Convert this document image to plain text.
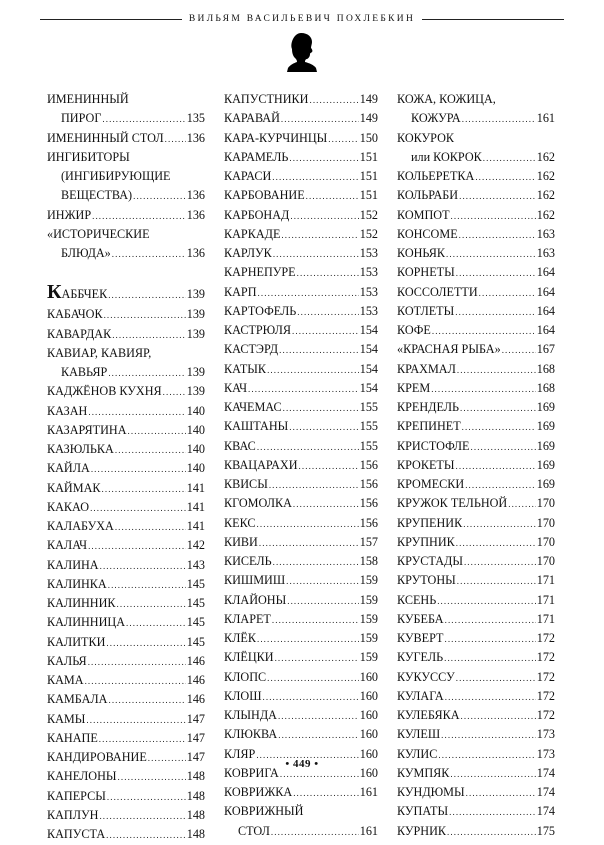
ВИЛЬЯМ ВАСИЛЬЕВИЧ ПОХЛЕБКИН
ИМЕНИННЫЙ
ПИРОГ .....	135
ИМЕНИННЫЙ СТОЛ ..... 136
ИНГИБИТОРЫ
(ИНГИБИРУЮЩИЕ
ВЕЩЕСТВА) .....	136
ИНЖИР .....	136
«ИСТОРИЧЕСКИЕ
БЛЮДА» .....	136
КАББЧЕК .....	139
КАБАЧОК .....	139
КАВАРДАК .....	139
КАВИАР, КАВИЯР,
КАВЬЯР .....	139
КАДЖЁНОВ КУХНЯ ..... 139
КАЗАН .....	140
КАЗАРЯТИНА .....	140
КАЗЮЛЬКА .....	140
КАЙЛА .....	140
КАЙМАК .....	141
КАКАО .....	141
КАЛАБУХА .....	141
КАЛАЧ .....	142
КАЛИНА .....	143
КАЛИНКА .....	145
КАЛИННИК .....	145
КАЛИННИЦА .....	145
КАЛИТКИ .....	145
КАЛЬЯ .....	146
КАМА .....	146
КАМБАЛА .....	146
КАМЫ .....	147
КАНАПЕ .....	147
КАНДИРОВАНИЕ .....	147
КАНЕЛОНЫ .....	148
КАПЕРСЫ .....	148
КАПЛУН .....	148
КАПУСТА .....	148
КАПУСТНИКИ .....	149
КАРАВАЙ .....	149
КАРА-КУРЧИНЦЫ .....	150
КАРАМЕЛЬ .....	151
КАРАСИ .....	151
КАРБОВАНИЕ .....	151
КАРБОНАД .....	152
КАРКАДЕ .....	152
КАРЛУК .....	153
КАРНЕПУРЕ .....	153
КАРП .....	153
КАРТОФЕЛЬ .....	153
КАСТРЮЛЯ .....	154
КАСТЭРД .....	154
КАТЫК .....	154
КАЧ .....	154
КАЧЕМАС .....	155
КАШТАНЫ .....	155
КВАС .....	155
КВАЦАРАХИ .....	156
КВИСЫ .....	156
КГОМОЛКА .....	156
КЕКС .....	156
КИВИ .....	157
КИСЕЛЬ .....	158
КИШМИШ .....	159
КЛАЙОНЫ .....	159
КЛАРЕТ .....	159
КЛЁК .....	159
КЛЁЦКИ .....	159
КЛОПС .....	160
КЛОШ .....	160
КЛЫНДА .....	160
КЛЮКВА .....	160
КЛЯР .....	160
КОВРИГА .....	160
КОВРИЖКА .....	161
КОВРИЖНЫЙ
СТОЛ .....	161
КОЖА, КОЖИЦА,
КОЖУРА .....	161
КОКУРОК
или КОКРОК .....	162
КОЛЬЕРЕТКА .....	162
КОЛЬРАБИ .....	162
КОМПОТ .....	162
КОНСОМЕ .....	163
КОНЬЯК .....	163
КОРНЕТЫ .....	164
КОССОЛЕТТИ .....	164
КОТЛЕТЫ .....	164
КОФЕ .....	164
«КРАСНАЯ РЫБА» .....	167
КРАХМАЛ .....	168
КРЕМ .....	168
КРЕНДЕЛЬ .....	169
КРЕПИНЕТ .....	169
КРИСТОФЛЕ .....	169
КРОКЕТЫ .....	169
КРОМЕСКИ .....	169
КРУЖОК ТЕЛЬНОЙ ..... 170
КРУПЕНИК .....	170
КРУПНИК .....	170
КРУСТАДЫ .....	170
КРУТОНЫ .....	171
КСЕНЬ .....	171
КУБЕБА .....	171
КУВЕРТ .....	172
КУГЕЛЬ .....	172
КУКУССУ .....	172
КУЛАГА .....	172
КУЛЕБЯКА .....	172
КУЛЕШ .....	173
КУЛИС .....	173
КУМПЯК .....	174
КУНДЮМЫ .....	174
КУПАТЫ .....	174
КУРНИК .....	175
• 449 •
